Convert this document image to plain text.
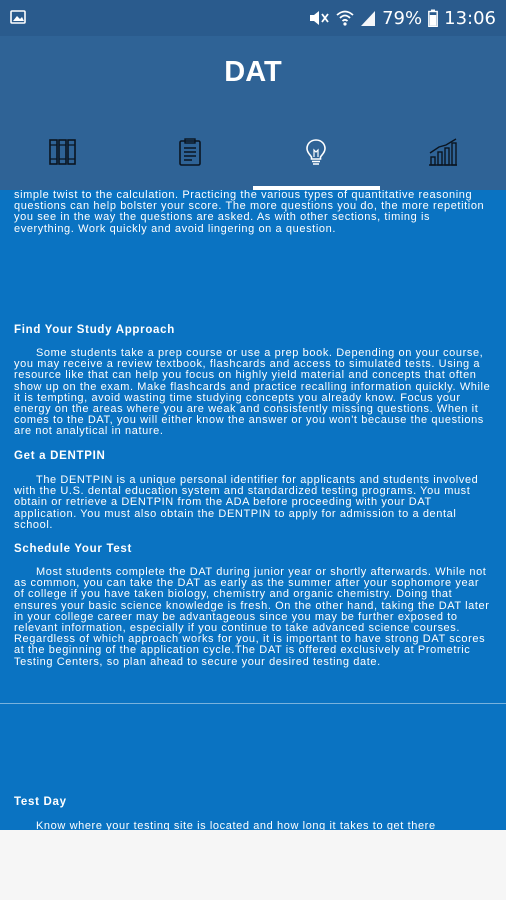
79% 13:06
DAT

simple twist to the calculation. Practicing the various types of quantitative reasoning questions can help bolster your score. The more questions you do, the more repetition you see in the way the questions are asked. As with other sections, timing is everything. Work quickly and avoid lingering on a question.

Find Your Study Approach

Some students take a prep course or use a prep book. Depending on your course, you may receive a review textbook, flashcards and access to simulated tests. Using a resource like that can help you focus on highly yield material and concepts that often show up on the exam. Make flashcards and practice recalling information quickly. While it is tempting, avoid wasting time studying concepts you already know. Focus your energy on the areas where you are weak and consistently missing questions. When it comes to the DAT, you will either know the answer or you won't because the questions are not analytical in nature.

Get a DENTPIN

The DENTPIN is a unique personal identifier for applicants and students involved with the U.S. dental education system and standardized testing programs. You must obtain or retrieve a DENTPIN from the ADA before proceeding with your DAT application. You must also obtain the DENTPIN to apply for admission to a dental school.

Schedule Your Test

Most students complete the DAT during junior year or shortly afterwards. While not as common, you can take the DAT as early as the summer after your sophomore year of college if you have taken biology, chemistry and organic chemistry. Doing that ensures your basic science knowledge is fresh. On the other hand, taking the DAT later in your college career may be advantageous since you may be further exposed to relevant information, especially if you continue to take advanced science courses. Regardless of which approach works for you, it is important to have strong DAT scores at the beginning of the application cycle.The DAT is offered exclusively at Prometric Testing Centers, so plan ahead to secure your desired testing date.

Test Day

Know where your testing site is located and how long it takes to get there
